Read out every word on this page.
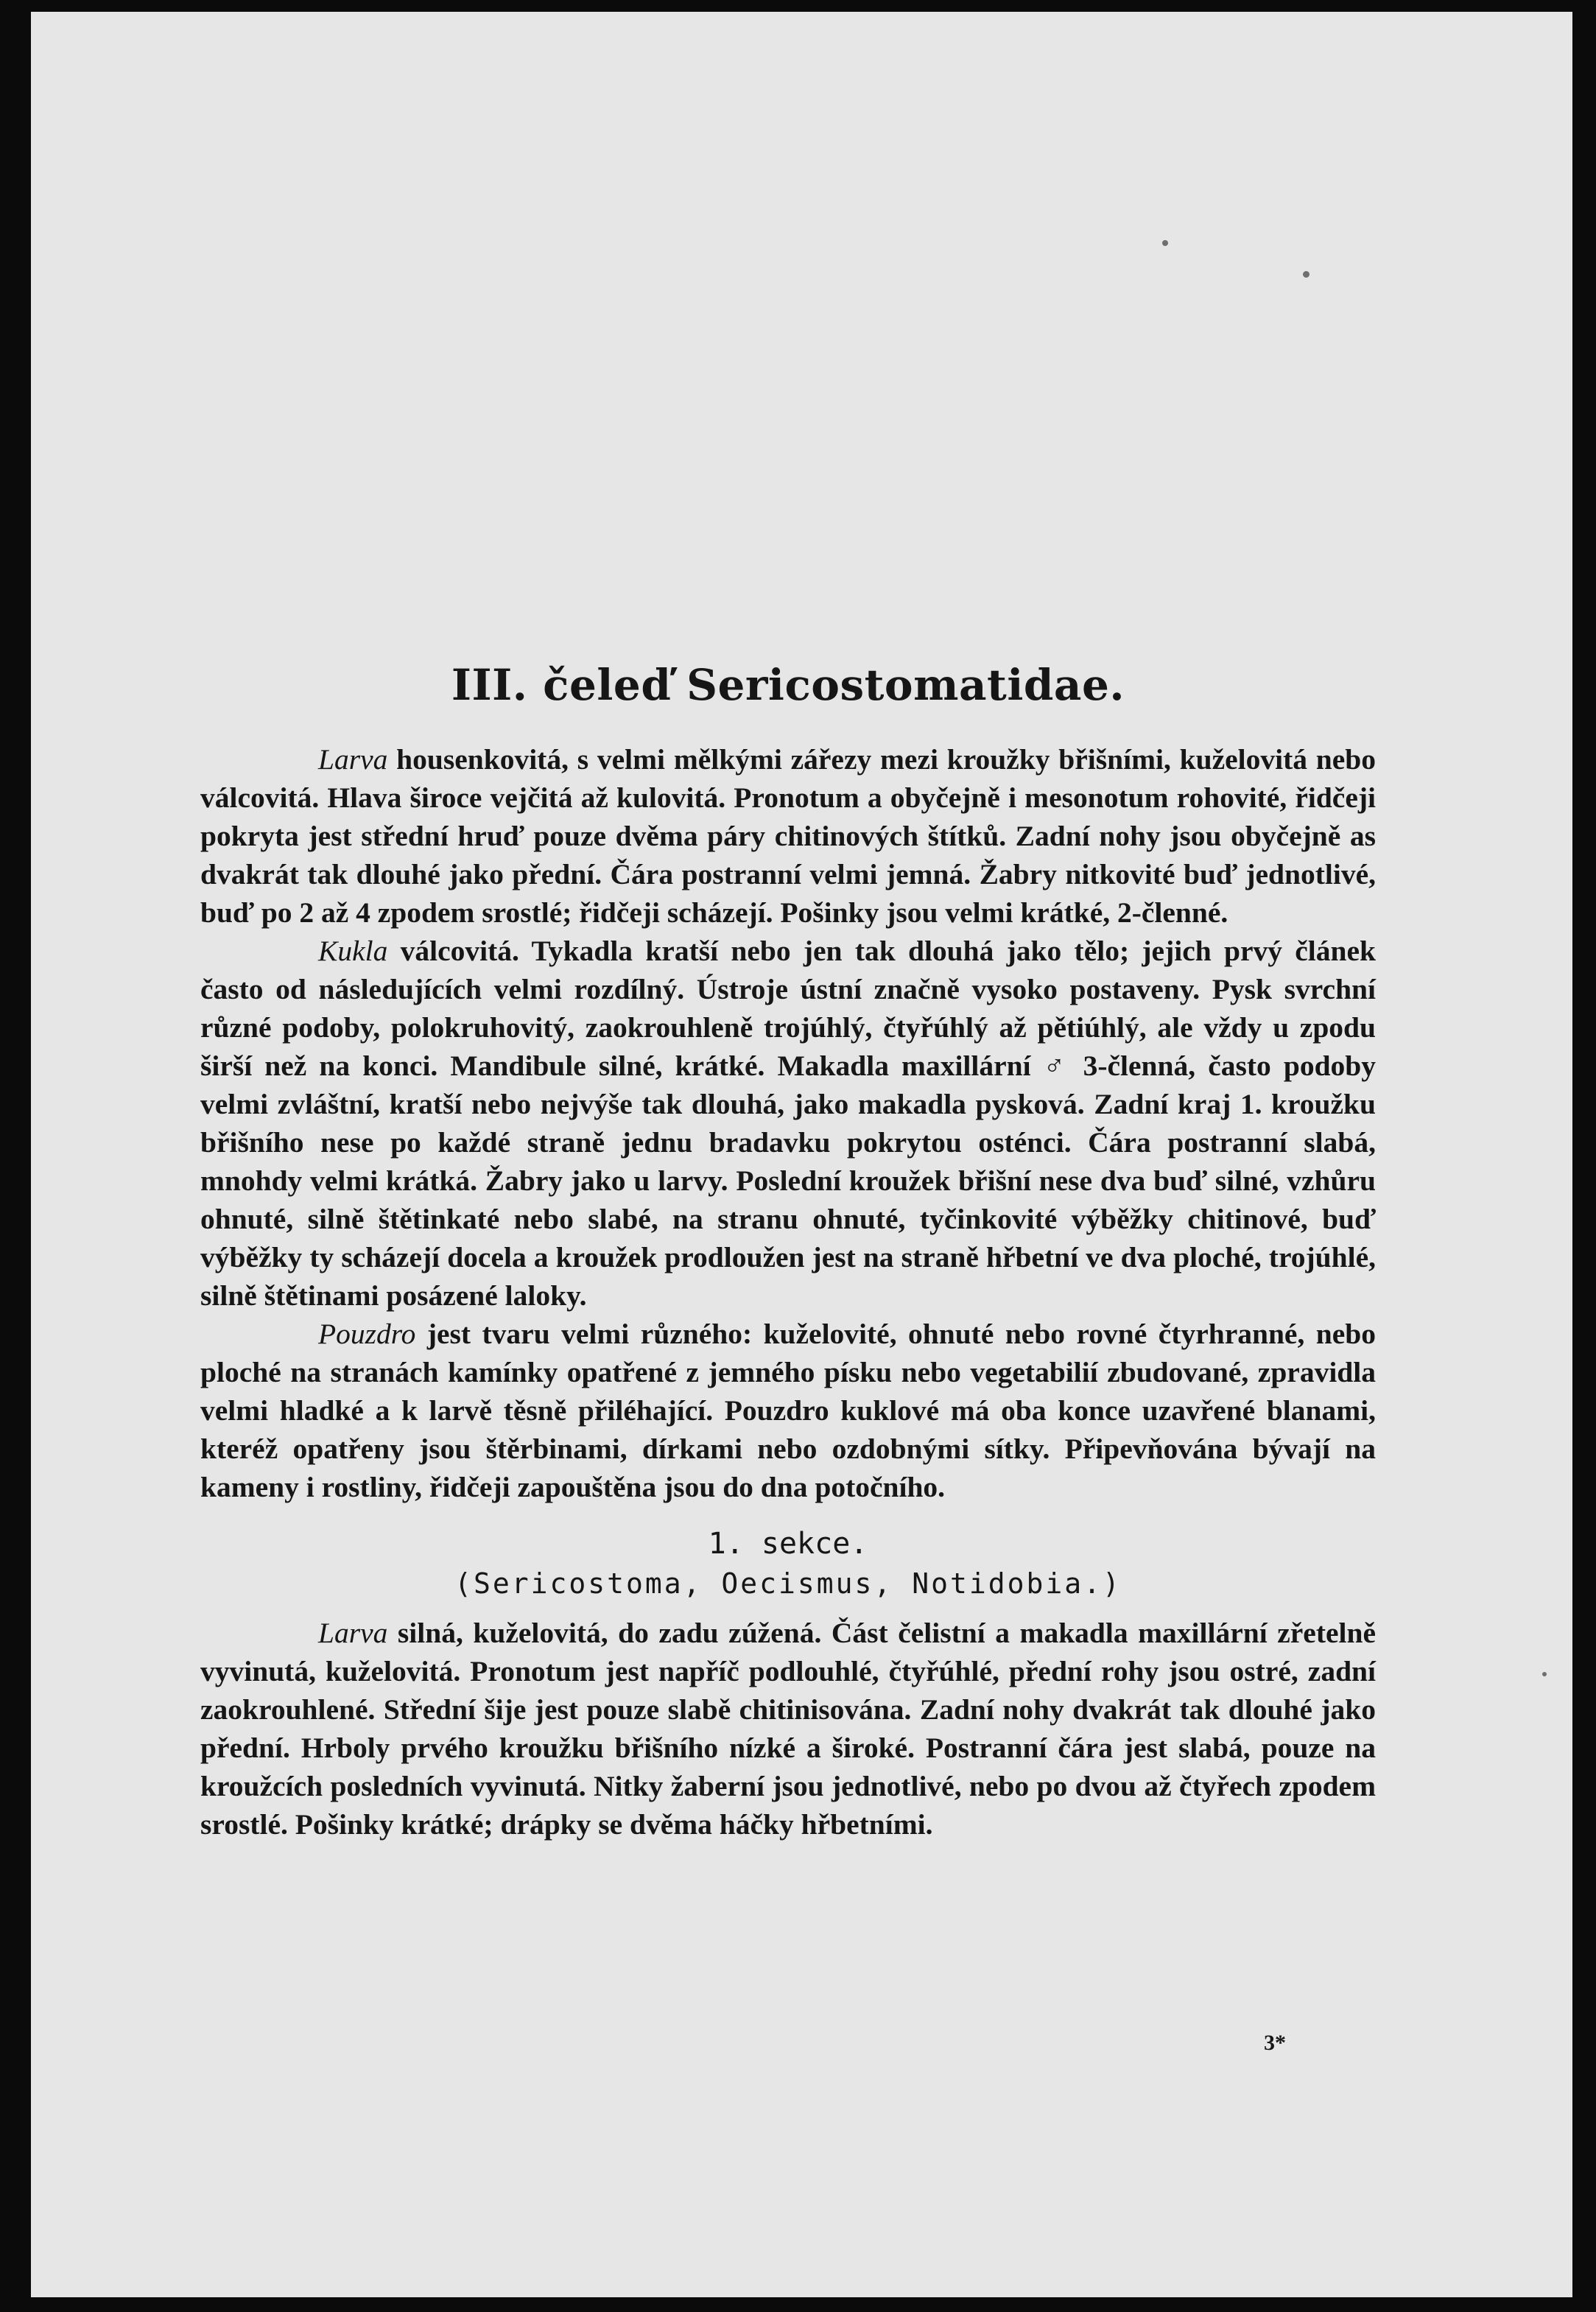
III. čeleď Sericostomatidae.

Larva housenkovitá, s velmi mělkými zářezy mezi kroužky břišními, kuželovitá nebo válcovitá. Hlava široce vejčitá až kulovitá. Pronotum a obyčejně i mesonotum rohovité, řidčeji pokryta jest střední hruď pouze dvěma páry chitinových štítků. Zadní nohy jsou obyčejně as dvakrát tak dlouhé jako přední. Čára postranní velmi jemná. Žabry nitkovité buď jednotlivé, buď po 2 až 4 zpodem srostlé; řidčeji scházejí. Pošinky jsou velmi krátké, 2-členné.

Kukla válcovitá. Tykadla kratší nebo jen tak dlouhá jako tělo; jejich prvý článek často od následujících velmi rozdílný. Ústroje ústní značně vysoko postaveny. Pysk svrchní různé podoby, polokruhovitý, zaokrouhleně trojúhlý, čtyřúhlý až pětiúhlý, ale vždy u zpodu širší než na konci. Mandibule silné, krátké. Makadla maxillární ♂ 3-členná, často podoby velmi zvláštní, kratší nebo nejvýše tak dlouhá, jako makadla pysková. Zadní kraj 1. kroužku břišního nese po každé straně jednu bradavku pokrytou osténci. Čára postranní slabá, mnohdy velmi krátká. Žabry jako u larvy. Poslední kroužek břišní nese dva buď silné, vzhůru ohnuté, silně štětinkaté nebo slabé, na stranu ohnuté, tyčinkovité výběžky chitinové, buď výběžky ty scházejí docela a kroužek prodloužen jest na straně hřbetní ve dva ploché, trojúhlé, silně štětinami posázené laloky.

Pouzdro jest tvaru velmi různého: kuželovité, ohnuté nebo rovné čtyrhranné, nebo ploché na stranách kamínky opatřené z jemného písku nebo vegetabilií zbudované, zpravidla velmi hladké a k larvě těsně přiléhající. Pouzdro kuklové má oba konce uzavřené blanami, kteréž opatřeny jsou štěrbinami, dírkami nebo ozdobnými sítky. Připevňována bývají na kameny i rostliny, řidčeji zapouštěna jsou do dna potočního.

1. sekce.
(Sericostoma, Oecismus, Notidobia.)

Larva silná, kuželovitá, do zadu zúžená. Část čelistní a makadla maxillární zřetelně vyvinutá, kuželovitá. Pronotum jest napříč podlouhlé, čtyřúhlé, přední rohy jsou ostré, zadní zaokrouhlené. Střední šije jest pouze slabě chitinisována. Zadní nohy dvakrát tak dlouhé jako přední. Hrboly prvého kroužku břišního nízké a široké. Postranní čára jest slabá, pouze na kroužcích posledních vyvinutá. Nitky žaberní jsou jednotlivé, nebo po dvou až čtyřech zpodem srostlé. Pošinky krátké; drápky se dvěma háčky hřbetními.

3*
